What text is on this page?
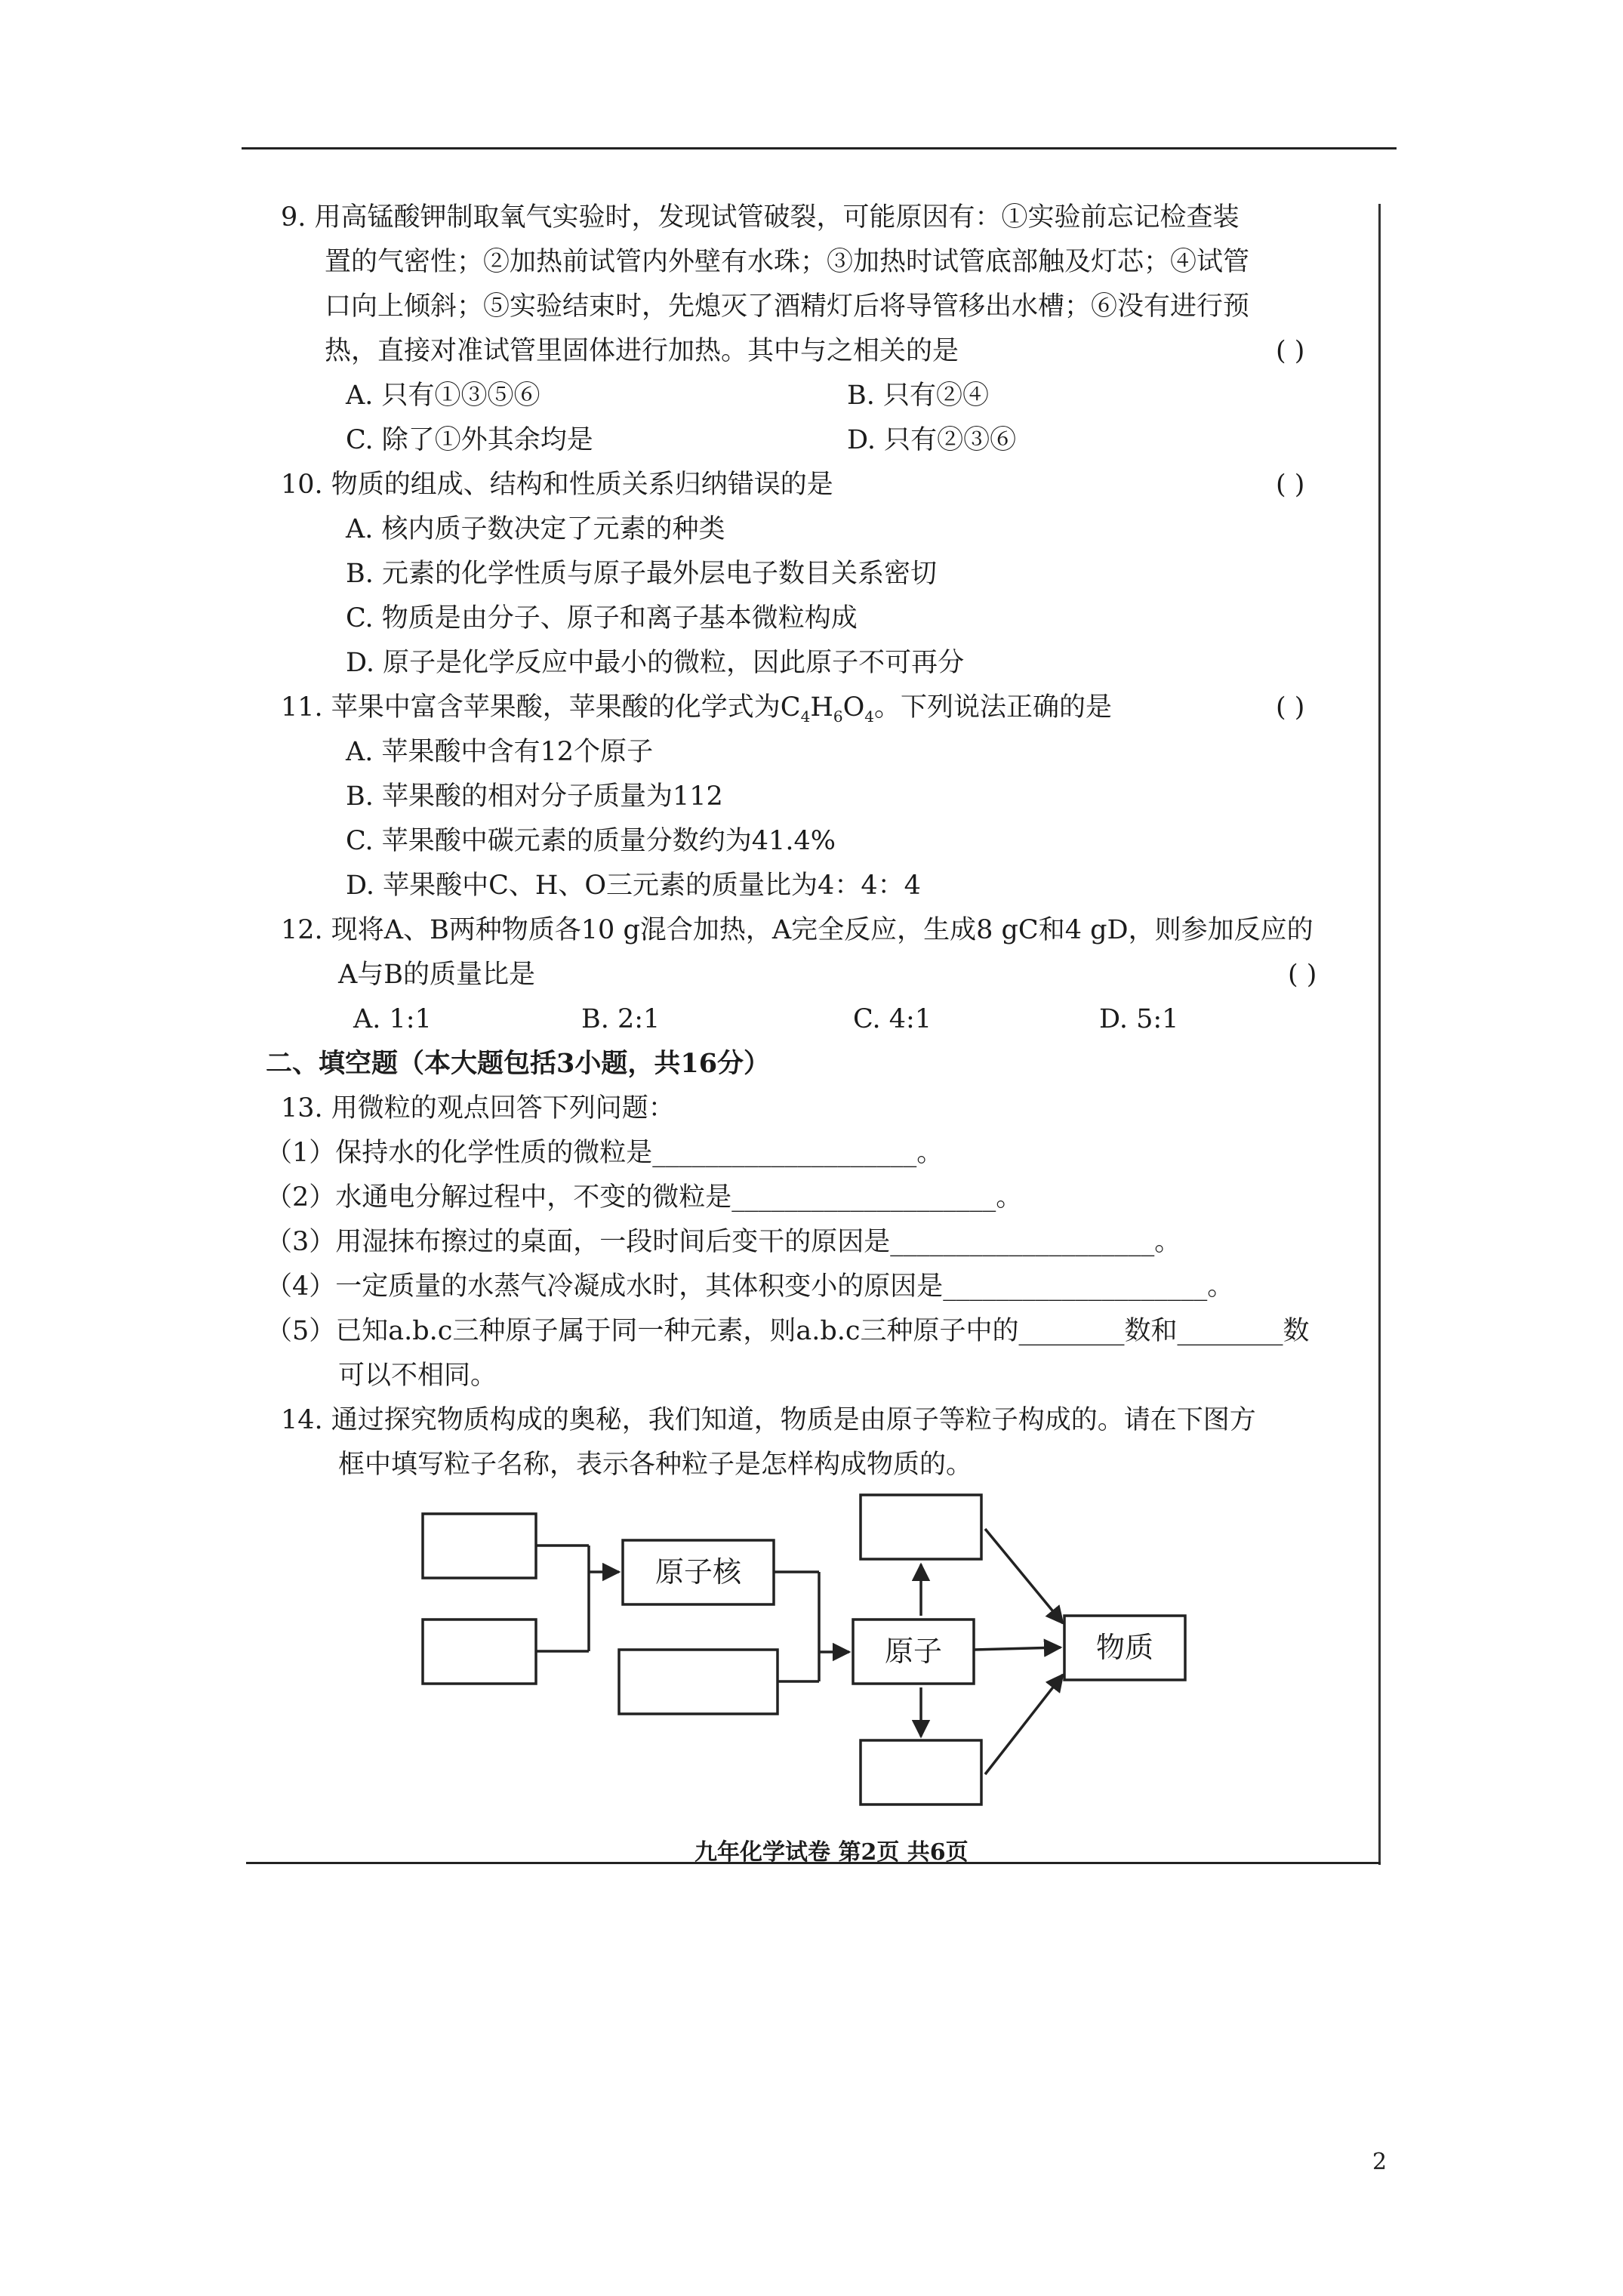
9. 用高锰酸钾制取氧气实验时，发现试管破裂，可能原因有：①实验前忘记检查装
置的气密性；②加热前试管内外壁有水珠；③加热时试管底部触及灯芯；④试管
口向上倾斜；⑤实验结束时，先熄灭了酒精灯后将导管移出水槽；⑥没有进行预
热，直接对准试管里固体进行加热。其中与之相关的是	( )
A. 只有①③⑤⑥	B. 只有②④
C. 除了①外其余均是	D. 只有②③⑥
10. 物质的组成、结构和性质关系归纳错误的是	( )
A. 核内质子数决定了元素的种类
B. 元素的化学性质与原子最外层电子数目关系密切
C. 物质是由分子、原子和离子基本微粒构成
D. 原子是化学反应中最小的微粒，因此原子不可再分
11. 苹果中富含苹果酸，苹果酸的化学式为$C_4H_6O_4$。下列说法正确的是	( )
A. 苹果酸中含有12个原子
B. 苹果酸的相对分子质量为112
C. 苹果酸中碳元素的质量分数约为41.4%
D. 苹果酸中C、H、O三元素的质量比为4：4：4
12. 现将A、B两种物质各10 g混合加热，A完全反应，生成8 gC和4 gD，则参加反应的
A与B的质量比是	( )
A. 1:1	B. 2:1	C. 4:1	D. 5:1
二、填空题（本大题包括3小题，共16分）
13. 用微粒的观点回答下列问题：
（1）保持水的化学性质的微粒是____________________。
（2）水通电分解过程中，不变的微粒是____________________。
（3）用湿抹布擦过的桌面，一段时间后变干的原因是____________________。
（4）一定质量的水蒸气冷凝成水时，其体积变小的原因是____________________。
（5）已知a.b.c三种原子属于同一种元素，则a.b.c三种原子中的________数和________数
可以不相同。
14. 通过探究物质构成的奥秘，我们知道，物质是由原子等粒子构成的。请在下图方
框中填写粒子名称，表示各种粒子是怎样构成物质的。
原子核
原子	物质
九年化学试卷 第2页 共6页
2
